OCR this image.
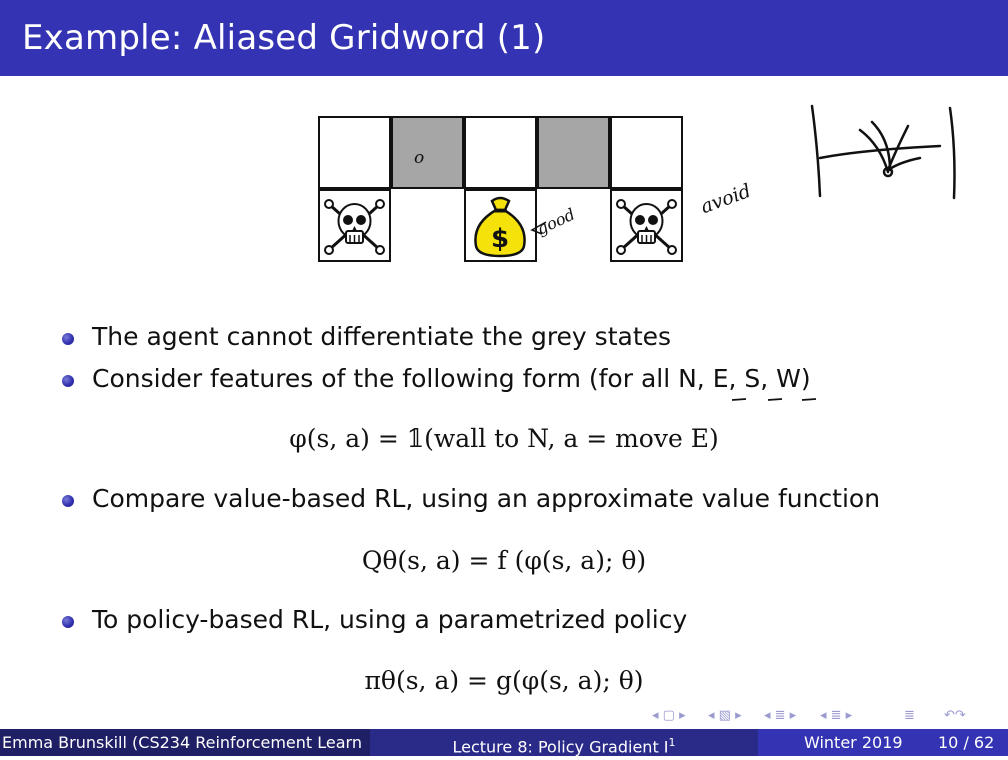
Example: Aliased Gridword (1)
$
o
good
avoid
The agent cannot differentiate the grey states
Consider features of the following form (for all N, E, S, W)
φ(s, a) = 𝟙(wall to N, a = move E)
Compare value-based RL, using an approximate value function
Qθ(s, a) = f (φ(s, a); θ)
To policy-based RL, using a parametrized policy
πθ(s, a) = g(φ(s, a); θ)
◂ ▢ ▸ ◂ ▧ ▸ ◂ ≣ ▸ ◂ ≣ ▸	≣ ↶↷
Emma Brunskill (CS234 Reinforcement Learn	Lecture 8: Policy Gradient $I^1$	Winter 2019 10 / 62
